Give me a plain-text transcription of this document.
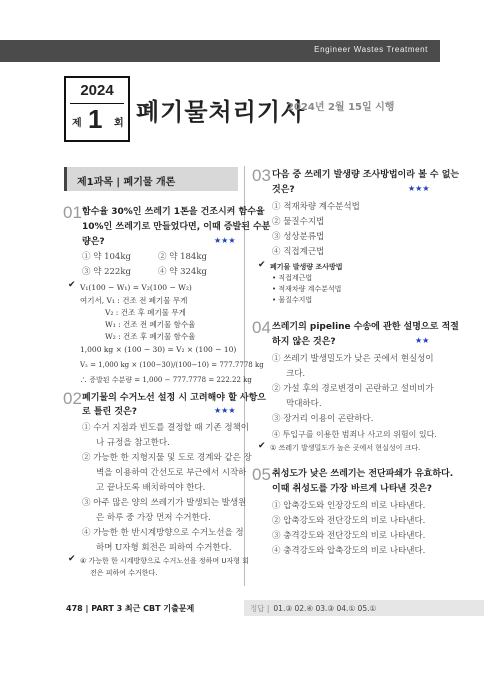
Engineer Wastes Treatment
2024
제 1 회 폐기물처리기사
2024년 2월 15일 시행
제1과목 | 폐기물 개론
01 함수율 30%인 쓰레기 1톤을 건조시켜 함수율
10%인 쓰레기로 만들었다면, 이때 증발된 수분
량은?	★★★
① 약 104kg	② 약 184kg
③ 약 222kg	④ 약 324kg
✔ V₁(100 − W₁) = V₂(100 − W₂)
여기서, V₁ : 건조 전 폐기물 무게
V₂ : 건조 후 폐기물 무게
W₁ : 건조 전 폐기물 함수율
W₂ : 건조 후 폐기물 함수율
1,000 kg × (100 − 30) = V₂ × (100 − 10)
V₂ = 1,000 kg × (100−30)/(100−10) = 777.7778 kg
∴ 증발된 수분량 = 1,000 − 777.7778 = 222.22 kg
02 폐기물의 수거노선 설정 시 고려해야 할 사항으
로 틀린 것은?	★★★
① 수거 지점과 빈도를 결정할 때 기존 정책이
나 규정을 참고한다.
② 가능한 한 지형지물 및 도로 경계와 같은 장
벽을 이용하여 간선도로 부근에서 시작하
고 끝나도록 배치하여야 한다.
③ 아주 많은 양의 쓰레기가 발생되는 발생원
은 하루 중 가장 먼저 수거한다.
④ 가능한 한 반시계방향으로 수거노선을 정
하며 U자형 회전은 피하여 수거한다.
✔ ④ 가능한 한 시계방향으로 수거노선을 정하며 U자형 회
전은 피하여 수거한다.
03 다음 중 쓰레기 발생량 조사방법이라 볼 수 없는
것은?	★★★
① 적재차량 계수분석법
② 물질수지법
③ 성상분류법
④ 직접계근법
✔ 폐기물 발생량 조사방법
• 직접계근법
• 적재차량 계수분석법
• 물질수지법
04 쓰레기의 pipeline 수송에 관한 설명으로 적절
하지 않은 것은?	★★
① 쓰레기 발생밀도가 낮은 곳에서 현실성이
크다.
② 가설 후의 경로변경이 곤란하고 설비비가
막대하다.
③ 장거리 이용이 곤란하다.
④ 투입구를 이용한 범죄나 사고의 위험이 있다.
✔ ① 쓰레기 발생밀도가 높은 곳에서 현실성이 크다.
05 취성도가 낮은 쓰레기는 전단파쇄가 유효하다.
이때 취성도를 가장 바르게 나타낸 것은?
① 압축강도와 인장강도의 비로 나타낸다.
② 압축강도와 전단강도의 비로 나타낸다.
③ 충격강도와 전단강도의 비로 나타낸다.
④ 충격강도와 압축강도의 비로 나타낸다.
478 | PART 3 최근 CBT 기출문제	정답 | 01.③ 02.④ 03.③ 04.① 05.①
